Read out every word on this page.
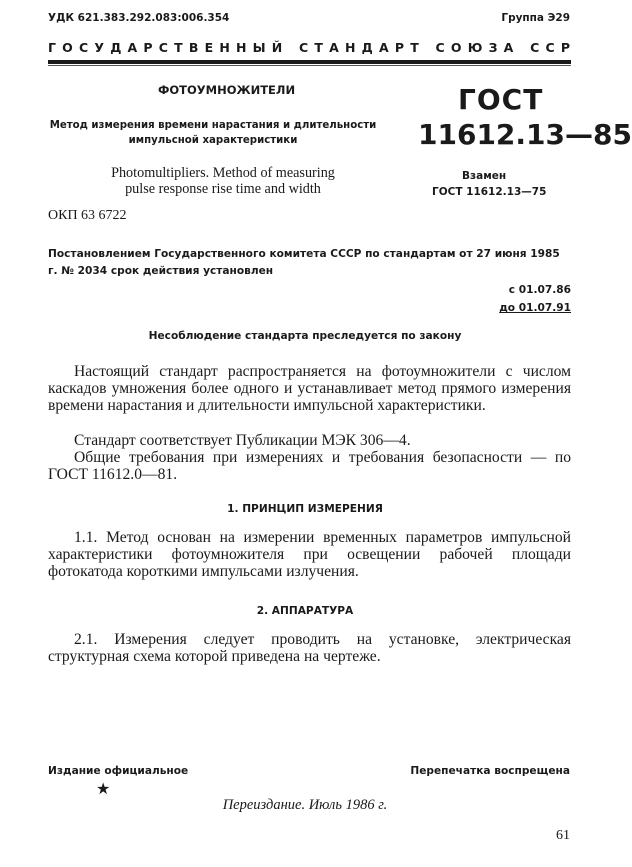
УДК 621.383.292.083:006.354	Группа Э29
ГОСУДАРСТВЕННЫЙ СТАНДАРТ СОЮЗА ССР
ФОТОУМНОЖИТЕЛИ	ГОСТ
11612.13—85
Метод измерения времени нарастания и длительности импульсной характеристики
Photomultipliers. Method of measuring pulse response rise time and width
Взамен
ГОСТ 11612.13—75
ОКП 63 6722
Постановлением Государственного комитета СССР по стандартам от 27 июня 1985 г. № 2034 срок действия установлен
с 01.07.86
до 01.07.91
Несоблюдение стандарта преследуется по закону
Настоящий стандарт распространяется на фотоумножители с числом каскадов умножения более одного и устанавливает метод прямого измерения времени нарастания и длительности импульсной характеристики.
Стандарт соответствует Публикации МЭК 306—4.
Общие требования при измерениях и требования безопасности — по ГОСТ 11612.0—81.
1. ПРИНЦИП ИЗМЕРЕНИЯ
1.1. Метод основан на измерении временных параметров импульсной характеристики фотоумножителя при освещении рабочей площади фотокатода короткими импульсами излучения.
2. АППАРАТУРА
2.1. Измерения следует проводить на установке, электрическая структурная схема которой приведена на чертеже.
Издание официальное	Перепечатка воспрещена
★
Переиздание. Июль 1986 г.
61
